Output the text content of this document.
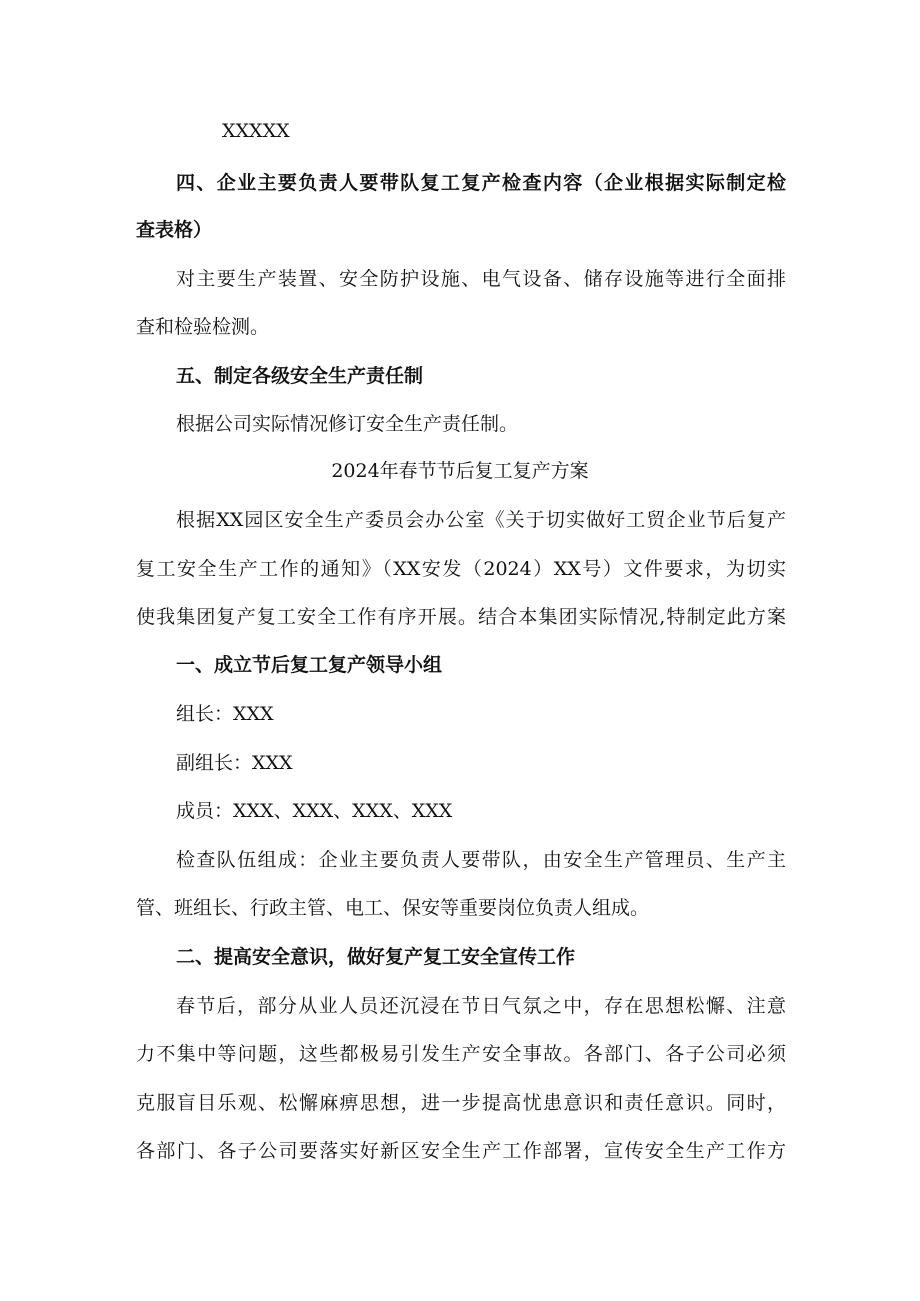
XXXXX
四、企业主要负责人要带队复工复产检查内容（企业根据实际制定检
查表格）
对主要生产装置、安全防护设施、电气设备、储存设施等进行全面排
查和检验检测。
五、制定各级安全生产责任制
根据公司实际情况修订安全生产责任制。
2024年春节节后复工复产方案
根据XX园区安全生产委员会办公室《关于切实做好工贸企业节后复产
复工安全生产工作的通知》（XX安发（2024）XX号）文件要求，为切实
使我集团复产复工安全工作有序开展。结合本集团实际情况,特制定此方案
一、成立节后复工复产领导小组
组长：XXX
副组长：XXX
成员：XXX、XXX、XXX、XXX
检查队伍组成：企业主要负责人要带队，由安全生产管理员、生产主
管、班组长、行政主管、电工、保安等重要岗位负责人组成。
二、提高安全意识，做好复产复工安全宣传工作
春节后，部分从业人员还沉浸在节日气氛之中，存在思想松懈、注意
力不集中等问题，这些都极易引发生产安全事故。各部门、各子公司必须
克服盲目乐观、松懈麻痹思想，进一步提高忧患意识和责任意识。同时，
各部门、各子公司要落实好新区安全生产工作部署，宣传安全生产工作方
